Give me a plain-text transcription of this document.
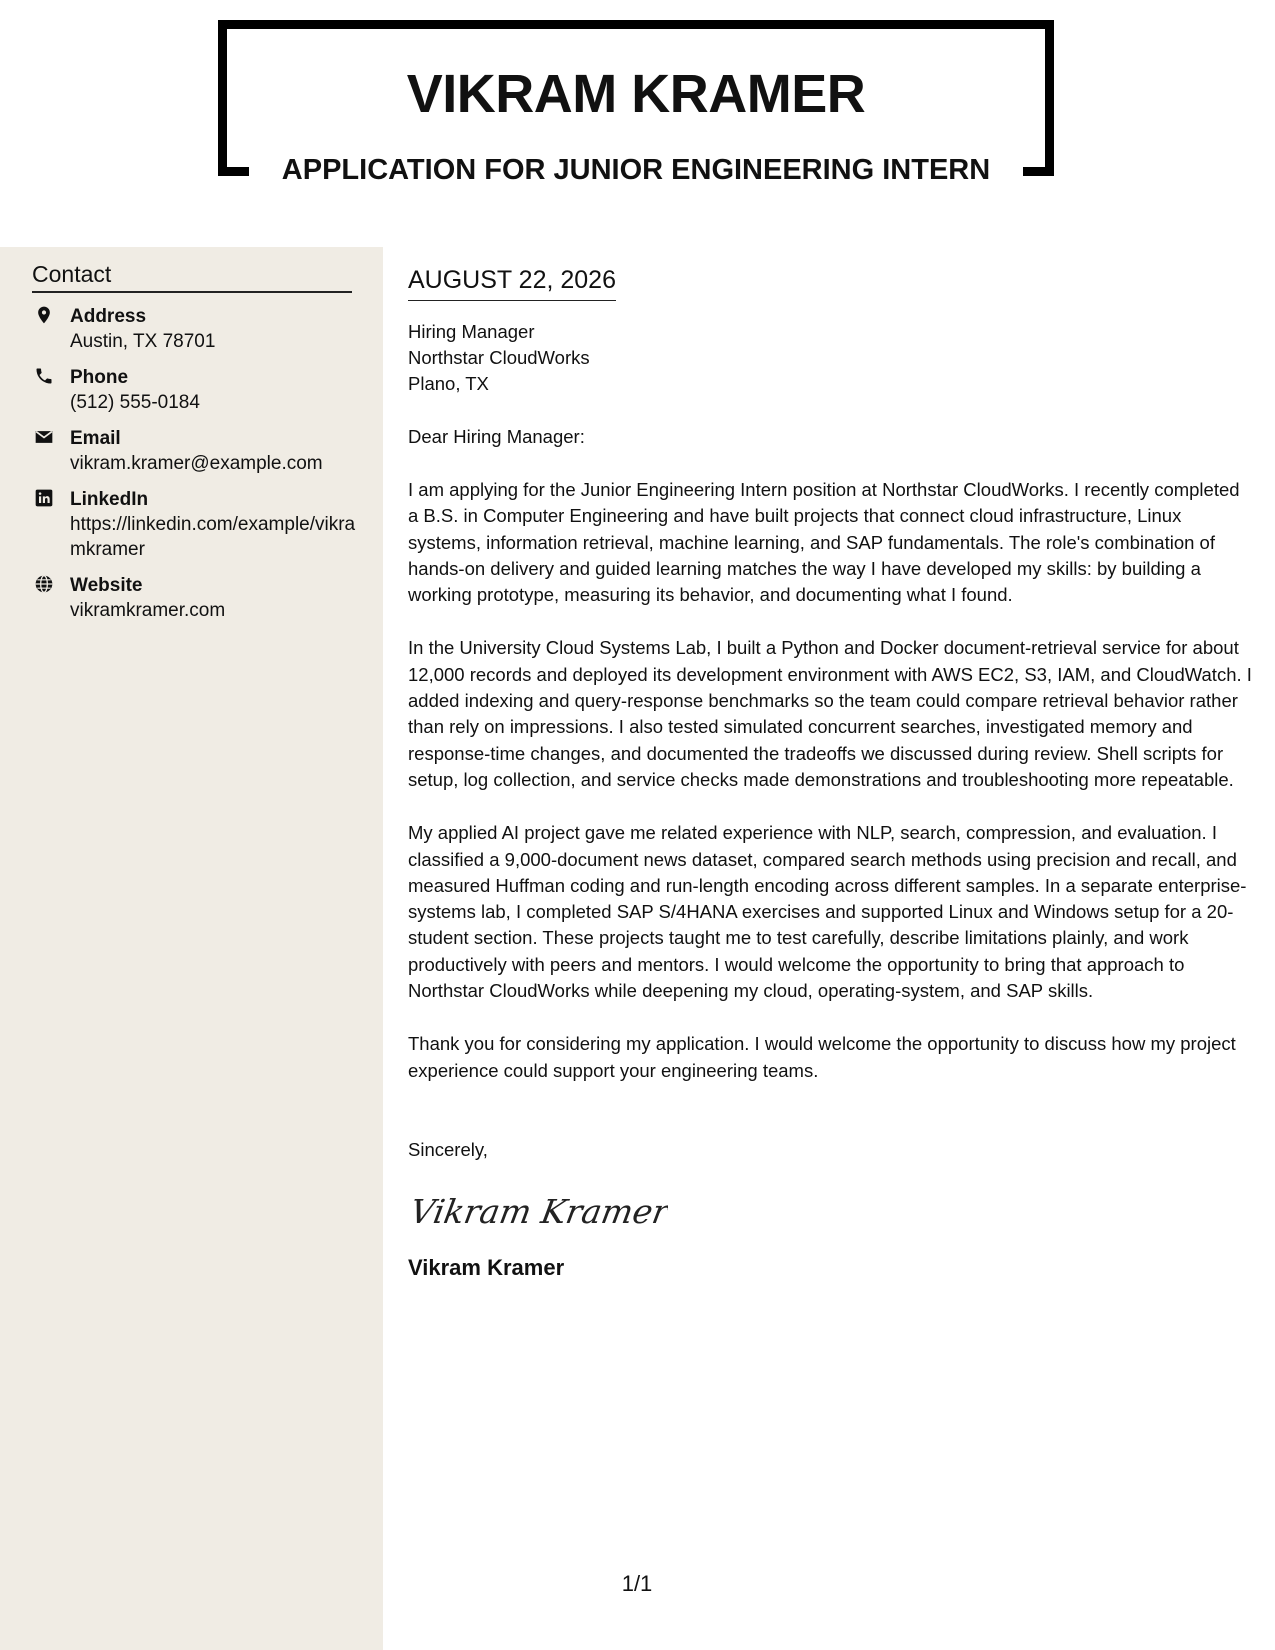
VIKRAM KRAMER
APPLICATION FOR JUNIOR ENGINEERING INTERN
Contact
Address
Austin, TX 78701
Phone
(512) 555-0184
Email
vikram.kramer@example.com
LinkedIn
https://linkedin.com/example/vikramkramer
Website
vikramkramer.com
AUGUST 22, 2026
Hiring Manager
Northstar CloudWorks
Plano, TX
Dear Hiring Manager:

I am applying for the Junior Engineering Intern position at Northstar CloudWorks. I recently completed a B.S. in Computer Engineering and have built projects that connect cloud infrastructure, Linux systems, information retrieval, machine learning, and SAP fundamentals. The role's combination of hands-on delivery and guided learning matches the way I have developed my skills: by building a working prototype, measuring its behavior, and documenting what I found.

In the University Cloud Systems Lab, I built a Python and Docker document-retrieval service for about 12,000 records and deployed its development environment with AWS EC2, S3, IAM, and CloudWatch. I added indexing and query-response benchmarks so the team could compare retrieval behavior rather than rely on impressions. I also tested simulated concurrent searches, investigated memory and response-time changes, and documented the tradeoffs we discussed during review. Shell scripts for setup, log collection, and service checks made demonstrations and troubleshooting more repeatable.

My applied AI project gave me related experience with NLP, search, compression, and evaluation. I classified a 9,000-document news dataset, compared search methods using precision and recall, and measured Huffman coding and run-length encoding across different samples. In a separate enterprise-systems lab, I completed SAP S/4HANA exercises and supported Linux and Windows setup for a 20-student section. These projects taught me to test carefully, describe limitations plainly, and work productively with peers and mentors. I would welcome the opportunity to bring that approach to Northstar CloudWorks while deepening my cloud, operating-system, and SAP skills.

Thank you for considering my application. I would welcome the opportunity to discuss how my project experience could support your engineering teams.

Sincerely,
Vikram Kramer
Vikram Kramer
1/1
